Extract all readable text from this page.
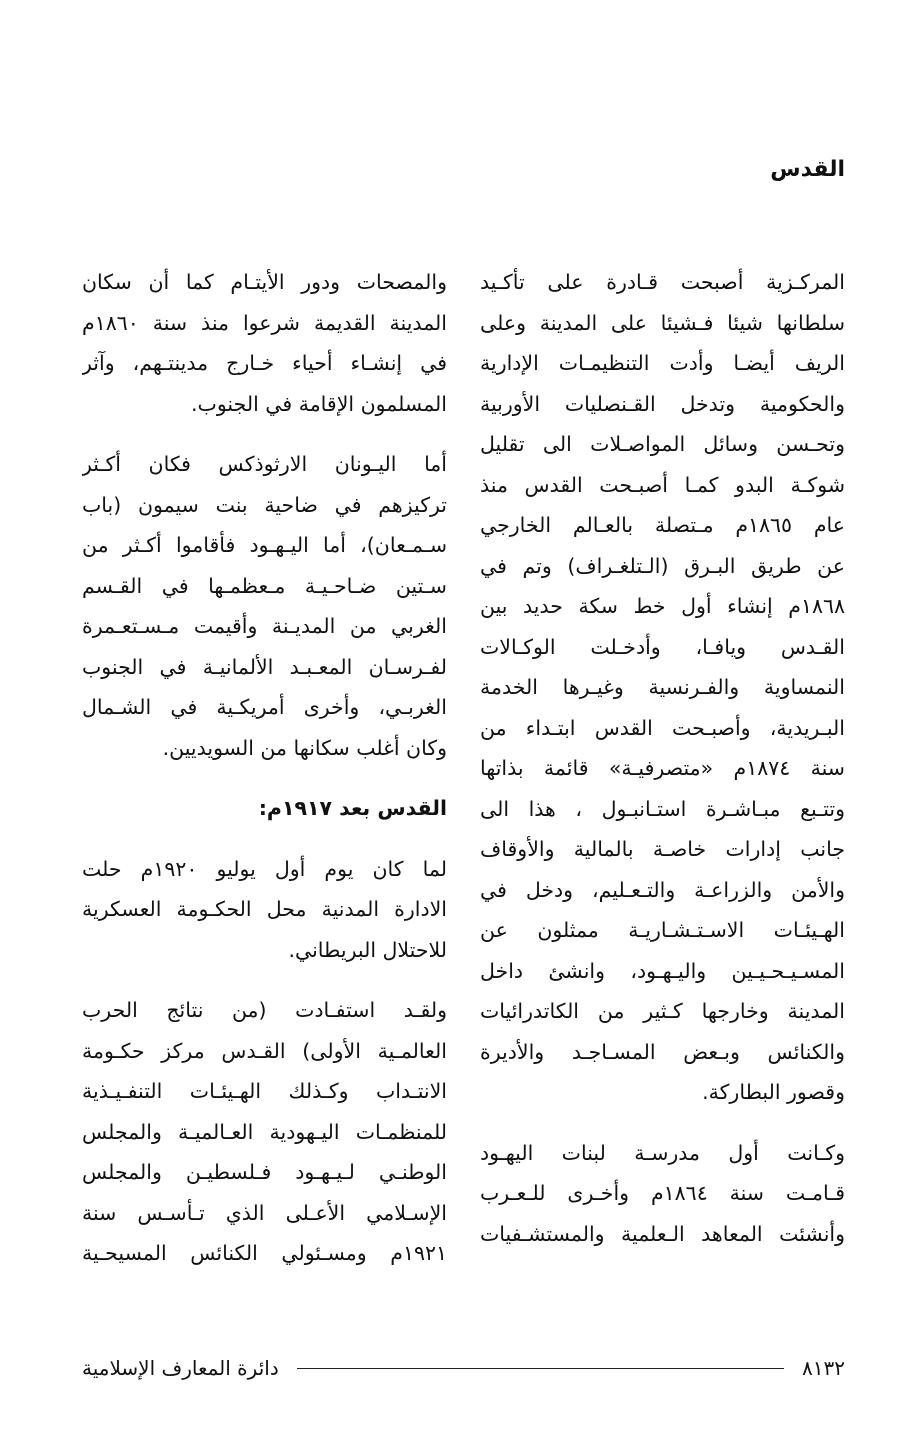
القدس
المركـزية أصبحت قـادرة على تأكـيد
سلطانها شيئا فـشيئا على المدينة وعلى
الريف أيضـا وأدت التنظيمـات الإدارية
والحكومية وتدخل القـنصليات الأوربية
وتحـسن وسائل المواصـلات الى تقليل
شوكـة البدو كمـا أصبـحت القدس منذ
عام ١٨٦٥م مـتصلة بالعـالم الخارجي
عن طريق البـرق (الـتلغـراف) وتم في
١٨٦٨م إنشاء أول خط سكة حديد بين
القـدس ويافـا، وأدخـلت الوكـالات
النمساوية والفـرنسية وغيـرها الخدمة
البـريدية، وأصبـحت القدس ابتـداء من
سنة ١٨٧٤م «متصرفيـة» قائمة بذاتها
وتتـبع مبـاشـرة استـانبـول ، هذا الى
جانب إدارات خاصـة بالمالية والأوقاف
والأمن والزراعـة والتـعـليم، ودخل في
الهـيئـات الاسـتـشـاريـة ممثلون عن
المسـيـحـيـين واليـهـود، وانشئ داخل
المدينة وخارجها كـثير من الكاتدرائيات
والكنائس وبـعض المسـاجـد والأديرة
وقصور البطاركة.
وكـانت أول مدرسـة لبنات اليهـود
قـامـت سنة ١٨٦٤م وأخـرى للـعـرب
وأنشئت المعاهد الـعلمية والمستشـفيات
والمصحات ودور الأيتـام كما أن سكان
المدينة القديمة شرعوا منذ سنة ١٨٦٠م
في إنشـاء أحياء خـارج مدينتـهم، وآثر
المسلمون الإقامة في الجنوب.
أما اليـونان الارثوذكس فكان أكـثر
تركيزهم في ضاحية بنت سيمون (باب
سـمـعان)، أما اليـهـود فأقاموا أكـثر من
سـتين ضـاحـيـة مـعظمـها في القـسم
الغربي من المديـنة وأقيمت مـسـتعـمرة
لفـرسـان المعـبـد الألمانيـة في الجنوب
الغربـي، وأخرى أمريكـية في الشـمال
وكان أغلب سكانها من السويديين.
القدس بعد ١٩١٧م:
لما كان يوم أول يوليو ١٩٢٠م حلت
الادارة المدنية محل الحكـومة العسكرية
للاحتلال البريطاني.
ولقـد استفـادت (من نتائج الحرب
العالمـية الأولى) القـدس مركز حكـومة
الانتـداب وكـذلك الهـيئـات التنفـيـذية
للمنظمـات اليـهودية العـالميـة والمجلس
الوطنـي لـيـهـود فـلسطيـن والمجلس
الإسـلامي الأعـلى الذي تـأسـس سنة
١٩٢١م ومسـئولي الكنائس المسيحـية
٨١٣٢
دائرة المعارف الإسلامية
